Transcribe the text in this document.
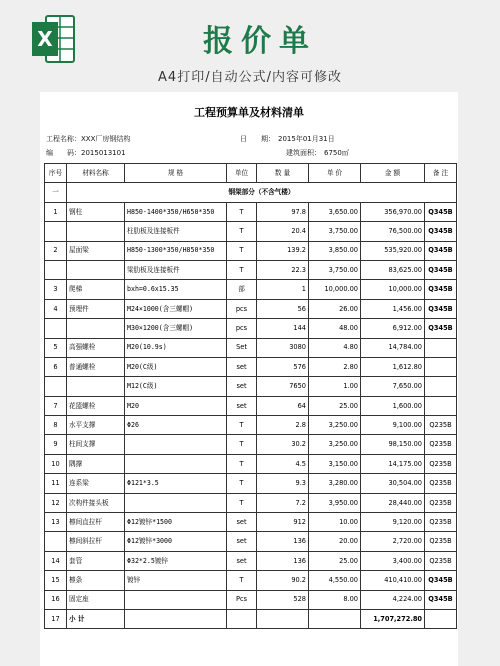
X	报价单
A4打印/自动公式/内容可修改
工程预算单及材料清单
工程名称：XXX厂房钢结构	日　　期： 2015年01月31日
编　　码：2015013101	建筑面积： 6750㎡
序号	材料名称	规 格	单位	数 量	单 价	金 额	备 注
一	钢架部分（不含气楼）						
1	钢柱	H850-1400*350/H650*350	T	97.8	3,650.00	356,970.00	Q345B
		柱肋板及连接板件	T	20.4	3,750.00	76,500.00	Q345B
2	屋面梁	H850-1300*350/H850*350	T	139.2	3,850.00	535,920.00	Q345B
		梁肋板及连接板件	T	22.3	3,750.00	83,625.00	Q345B
3	爬梯	bxh=0.6x15.35	部	1	10,000.00	10,000.00	Q345B
4	预埋件	M24×1000(含三螺帽)	pcs	56	26.00	1,456.00	Q345B
		M30×1200(含三螺帽)	pcs	144	48.00	6,912.00	Q345B
5	高强螺栓	M20(10.9s)	Set	3080	4.80	14,784.00	
6	普通螺栓	M20(C级)	set	576	2.80	1,612.80	
		M12(C级)	set	7650	1.00	7,650.00	
7	花篮螺栓	M20	set	64	25.00	1,600.00	
8	水平支撑	Φ26	T	2.8	3,250.00	9,100.00	Q235B
9	柱间支撑		T	30.2	3,250.00	98,150.00	Q235B
10	隅撑		T	4.5	3,150.00	14,175.00	Q235B
11	连系梁	Φ121*3.5	T	9.3	3,280.00	30,504.00	Q235B
12	次构件接头板		T	7.2	3,950.00	28,440.00	Q235B
13	檩间直拉杆	Φ12镀锌*1500	set	912	10.00	9,120.00	Q235B
	檩间斜拉杆	Φ12镀锌*3000	set	136	20.00	2,720.00	Q235B
14	套管	Φ32*2.5镀锌	set	136	25.00	3,400.00	Q235B
15	檩条	镀锌	T	90.2	4,550.00	410,410.00	Q345B
16	固定座		Pcs	528	8.00	4,224.00	Q345B
17	小 计					1,707,272.80	
